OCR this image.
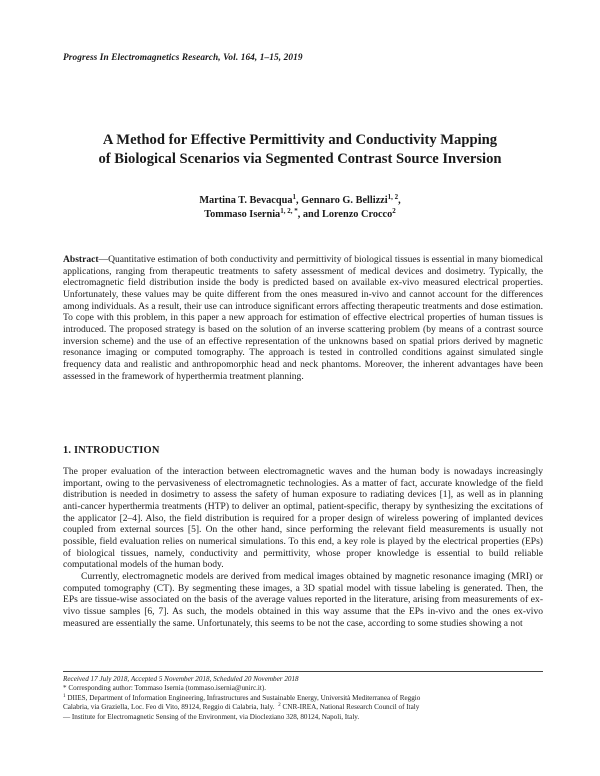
Progress In Electromagnetics Research, Vol. 164, 1–15, 2019
A Method for Effective Permittivity and Conductivity Mapping
of Biological Scenarios via Segmented Contrast Source Inversion
Martina T. Bevacqua$^1$, Gennaro G. Bellizzi$^{1, 2}$,
Tommaso Isernia$^{1, 2, *}$, and Lorenzo Crocco$^2$
Abstract—Quantitative estimation of both conductivity and permittivity of biological tissues is essential in many biomedical applications, ranging from therapeutic treatments to safety assessment of medical devices and dosimetry. Typically, the electromagnetic field distribution inside the body is predicted based on available ex-vivo measured electrical properties. Unfortunately, these values may be quite different from the ones measured in-vivo and cannot account for the differences among individuals. As a result, their use can introduce significant errors affecting therapeutic treatments and dose estimation. To cope with this problem, in this paper a new approach for estimation of effective electrical properties of human tissues is introduced. The proposed strategy is based on the solution of an inverse scattering problem (by means of a contrast source inversion scheme) and the use of an effective representation of the unknowns based on spatial priors derived by magnetic resonance imaging or computed tomography. The approach is tested in controlled conditions against simulated single frequency data and realistic and anthropomorphic head and neck phantoms. Moreover, the inherent advantages have been assessed in the framework of hyperthermia treatment planning.
1. INTRODUCTION

The proper evaluation of the interaction between electromagnetic waves and the human body is nowadays increasingly important, owing to the pervasiveness of electromagnetic technologies. As a matter of fact, accurate knowledge of the field distribution is needed in dosimetry to assess the safety of human exposure to radiating devices [1], as well as in planning anti-cancer hyperthermia treatments (HTP) to deliver an optimal, patient-specific, therapy by synthesizing the excitations of the applicator [2–4]. Also, the field distribution is required for a proper design of wireless powering of implanted devices coupled from external sources [5]. On the other hand, since performing the relevant field measurements is usually not possible, field evaluation relies on numerical simulations. To this end, a key role is played by the electrical properties (EPs) of biological tissues, namely, conductivity and permittivity, whose proper knowledge is essential to build reliable computational models of the human body.

Currently, electromagnetic models are derived from medical images obtained by magnetic resonance imaging (MRI) or computed tomography (CT). By segmenting these images, a 3D spatial model with tissue labeling is generated. Then, the EPs are tissue-wise associated on the basis of the average values reported in the literature, arising from measurements of ex-vivo tissue samples [6, 7]. As such, the models obtained in this way assume that the EPs in-vivo and the ones ex-vivo measured are essentially the same. Unfortunately, this seems to be not the case, according to some studies showing a not

Received 17 July 2018, Accepted 5 November 2018, Scheduled 20 November 2018
* Corresponding author: Tommaso Isernia (tommaso.isernia@unirc.it).
$^1$ DIIES, Department of Information Engineering, Infrastructures and Sustainable Energy, Università Mediterranea of Reggio
Calabria, via Graziella, Loc. Feo di Vito, 89124, Reggio di Calabria, Italy. $^2$ CNR-IREA, National Research Council of Italy
— Institute for Electromagnetic Sensing of the Environment, via Diocleziano 328, 80124, Napoli, Italy.
